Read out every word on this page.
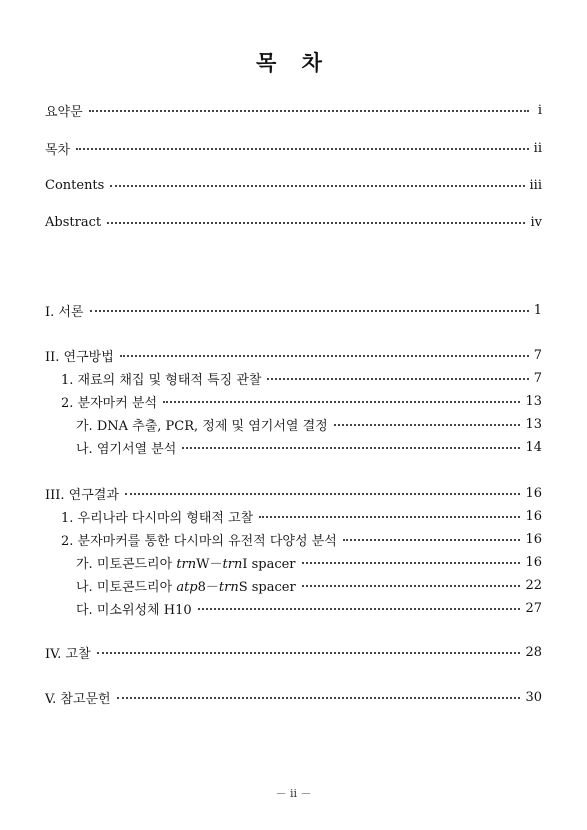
목 차
요약문	i
목차	ii
Contents	iii
Abstract	iv
I. 서론	1
II. 연구방법	7
1. 재료의 채집 및 형태적 특징 관찰	7
2. 분자마커 분석	13
가. DNA 추출, PCR, 정제 및 염기서열 결정	13
나. 염기서열 분석	14
III. 연구결과	16
1. 우리나라 다시마의 형태적 고찰	16
2. 분자마커를 통한 다시마의 유전적 다양성 분석	16
가. 미토콘드리아 trnW－trnI spacer	16
나. 미토콘드리아 atp8－trnS spacer	22
다. 미소위성체 H10	27
IV. 고찰	28
V. 참고문헌	30
－ ii －
